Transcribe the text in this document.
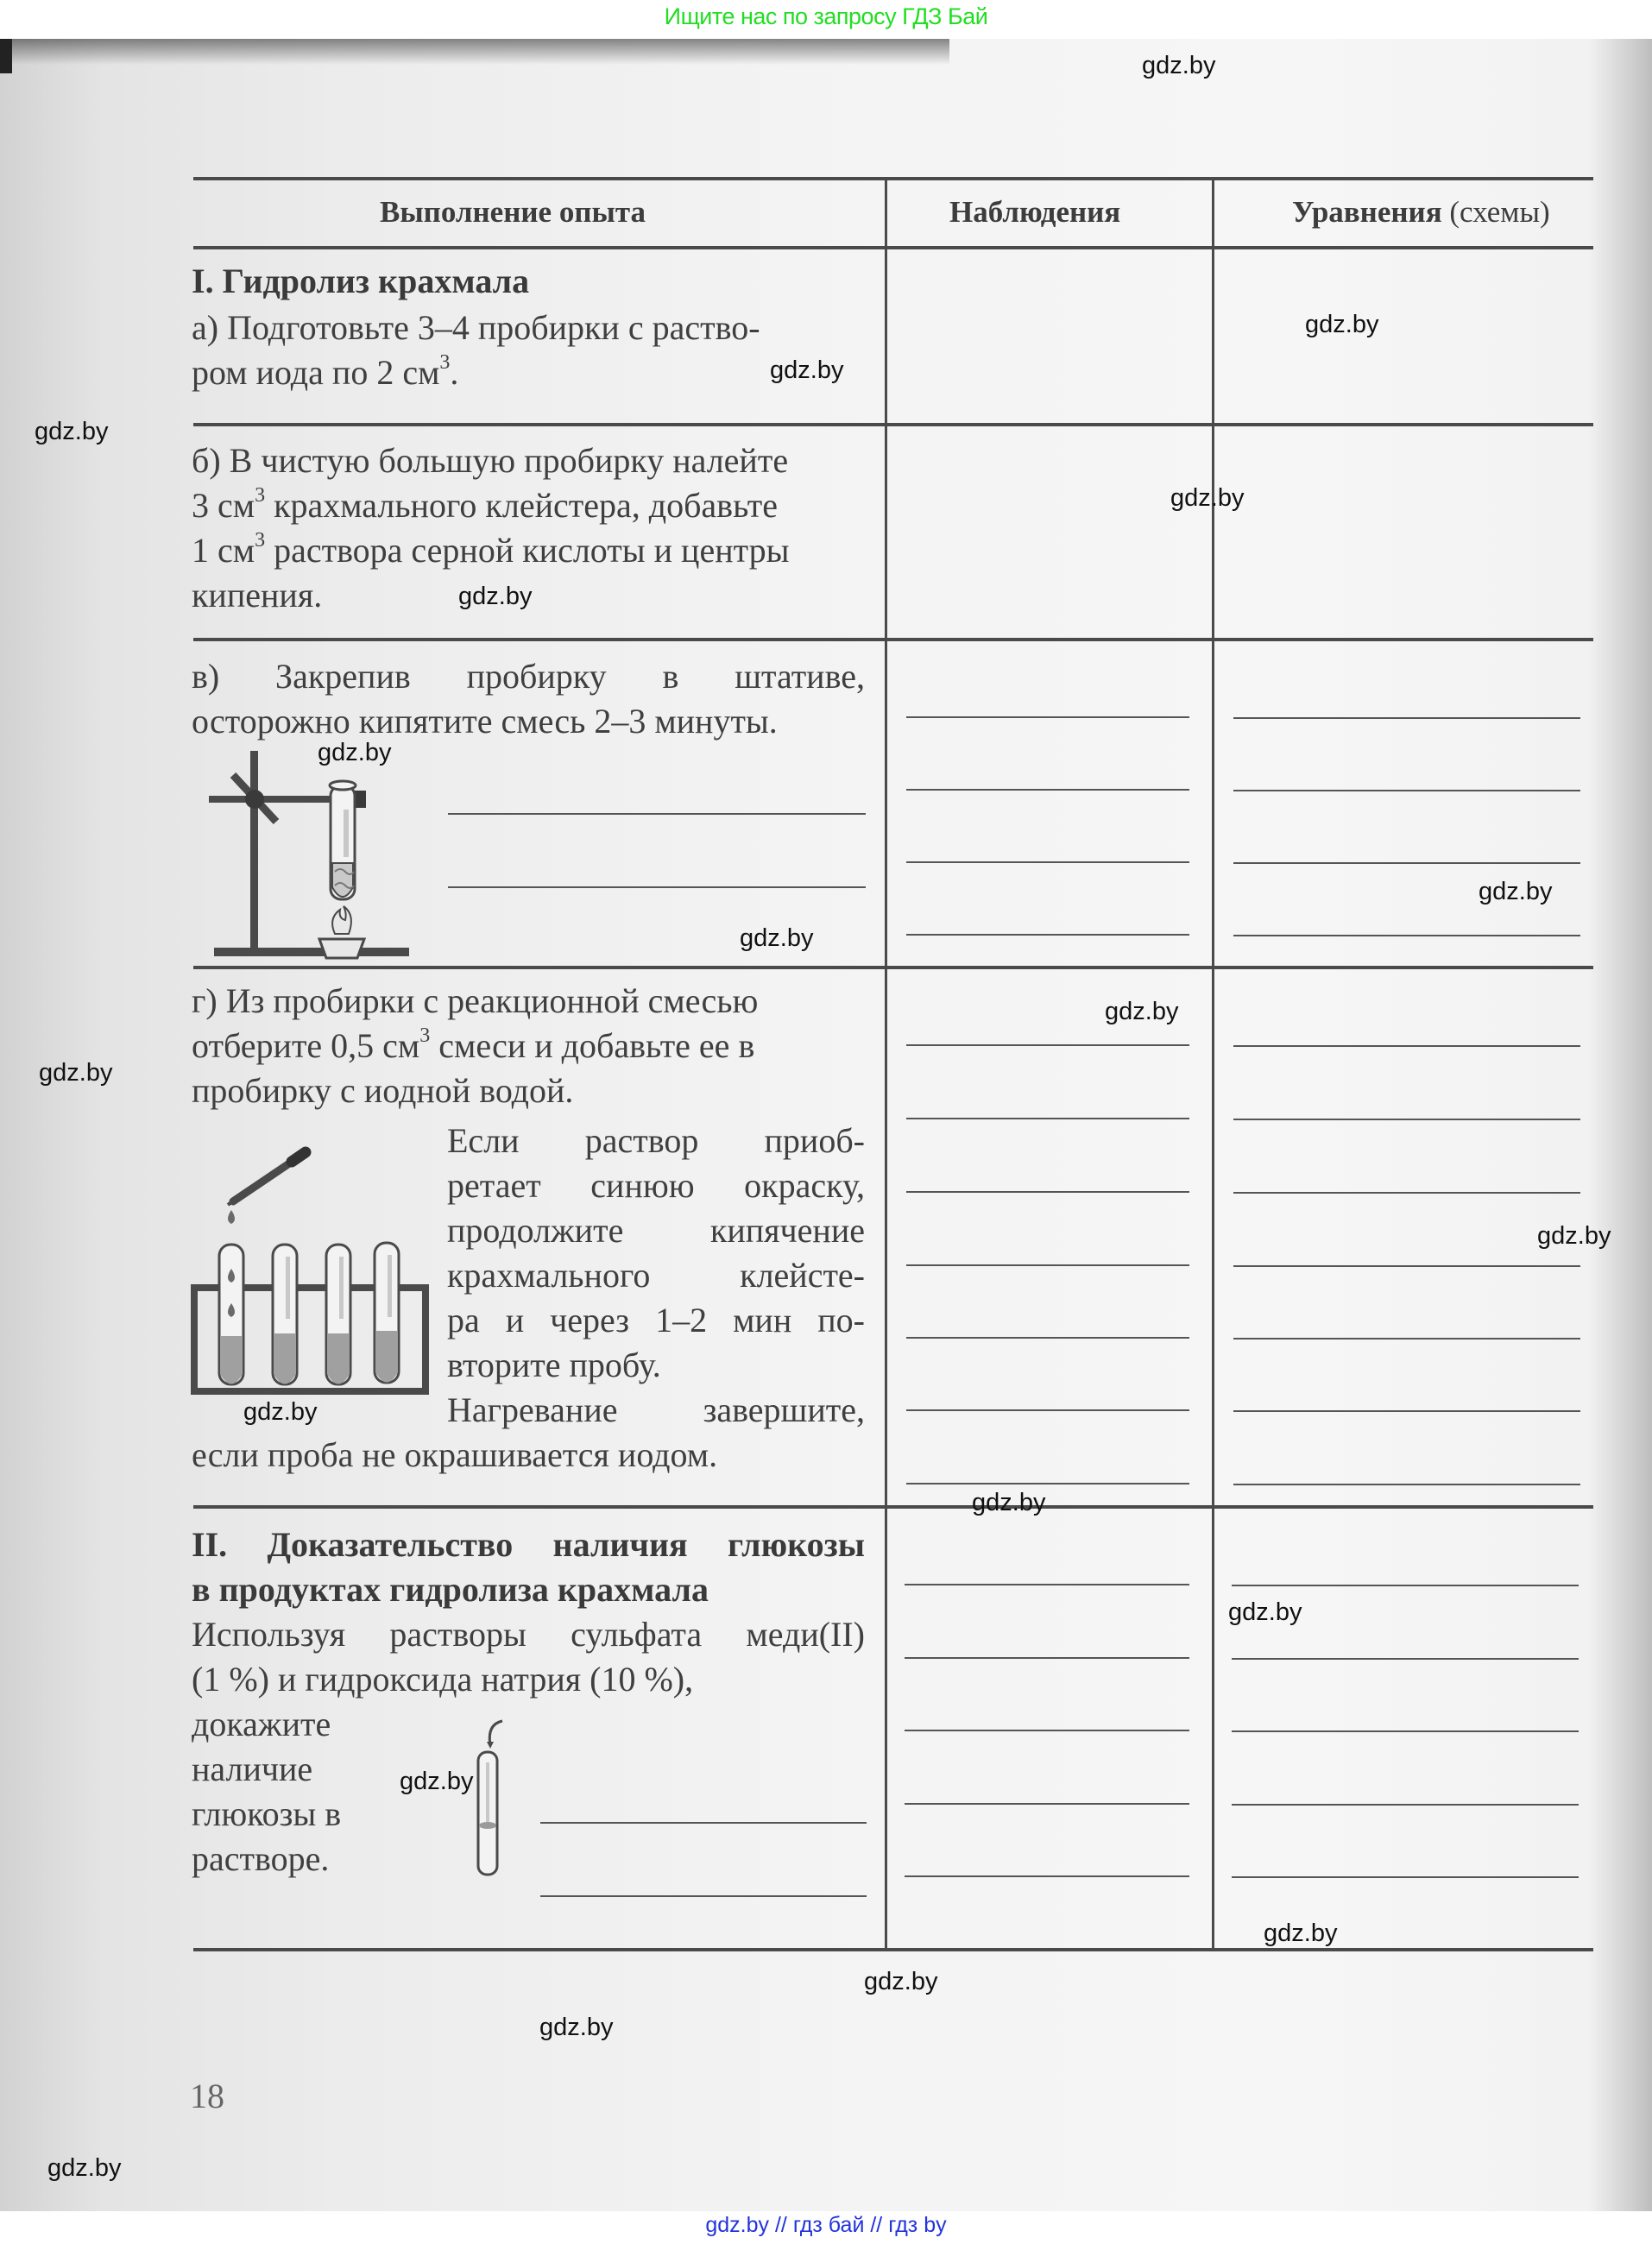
Ищите нас по запросу ГДЗ Бай
Выполнение опыта	Наблюдения	Уравнения (схемы)
I. Гидролиз крахмала
а) Подготовьте 3–4 пробирки с раство-
ром иода по 2 $см^3$.
б) В чистую большую пробирку налейте
3 $см^3$ крахмального клейстера, добавьте
1 $см^3$ раствора серной кислоты и центры
кипения.
в) Закрепив пробирку в штативе,
осторожно кипятите смесь 2–3 минуты.
г) Из пробирки с реакционной смесью
отберите 0,5 $см^3$ смеси и добавьте ее в
пробирку с иодной водой.
Если раствор приоб-
ретает синюю окраску,
продолжите кипячение
крахмального клейсте-
ра и через 1–2 мин по-
вторите пробу.
Нагревание завершите,
если проба не окрашивается иодом.
II. Доказательство наличия глюкозы
в продуктах гидролиза крахмала
Используя растворы сульфата меди(II)
(1 %) и гидроксида натрия (10 %),
докажите
наличие
глюкозы в
растворе.
18
gdz.by
gdz.by
gdz.by
gdz.by
gdz.by
gdz.by
gdz.by
gdz.by
gdz.by
gdz.by
gdz.by
gdz.by
gdz.by
gdz.by
gdz.by
gdz.by
gdz.by
gdz.by
gdz.by
gdz.by
gdz.by // гдз бай // гдз by
